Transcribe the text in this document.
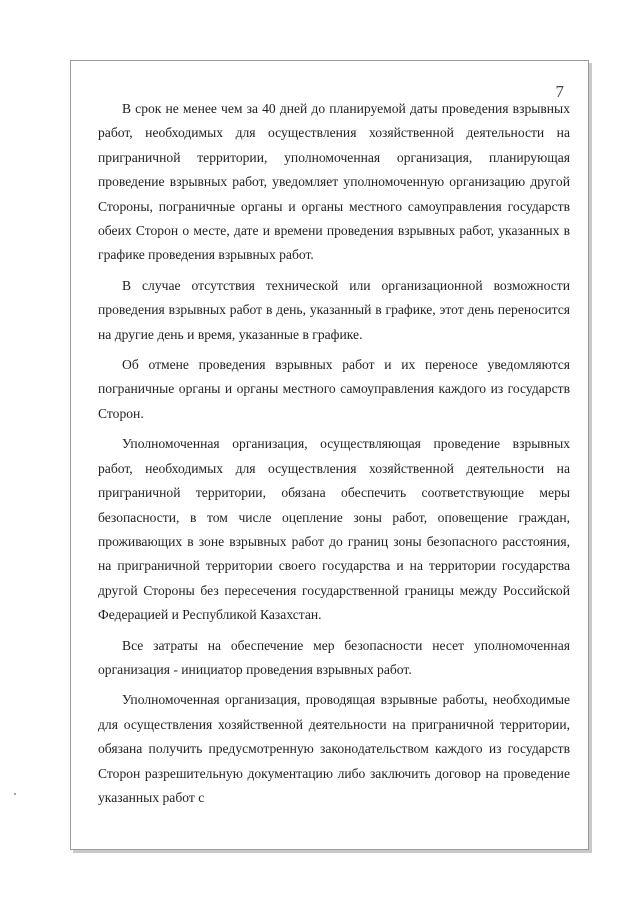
7

В срок не менее чем за 40 дней до планируемой даты проведения взрывных работ, необходимых для осуществления хозяйственной деятельности на приграничной территории, уполномоченная организация, планирующая проведение взрывных работ, уведомляет уполномоченную организацию другой Стороны, пограничные органы и органы местного самоуправления государств обеих Сторон о месте, дате и времени проведения взрывных работ, указанных в графике проведения взрывных работ.

В случае отсутствия технической или организационной возможности проведения взрывных работ в день, указанный в графике, этот день переносится на другие день и время, указанные в графике.

Об отмене проведения взрывных работ и их переносе уведомляются пограничные органы и органы местного самоуправления каждого из государств Сторон.

Уполномоченная организация, осуществляющая проведение взрывных работ, необходимых для осуществления хозяйственной деятельности на приграничной территории, обязана обеспечить соответствующие меры безопасности, в том числе оцепление зоны работ, оповещение граждан, проживающих в зоне взрывных работ до границ зоны безопасного расстояния, на приграничной территории своего государства и на территории государства другой Стороны без пересечения государственной границы между Российской Федерацией и Республикой Казахстан.

Все затраты на обеспечение мер безопасности несет уполномоченная организация - инициатор проведения взрывных работ.

Уполномоченная организация, проводящая взрывные работы, необходимые для осуществления хозяйственной деятельности на приграничной территории, обязана получить предусмотренную законодательством каждого из государств Сторон разрешительную документацию либо заключить договор на проведение указанных работ с
